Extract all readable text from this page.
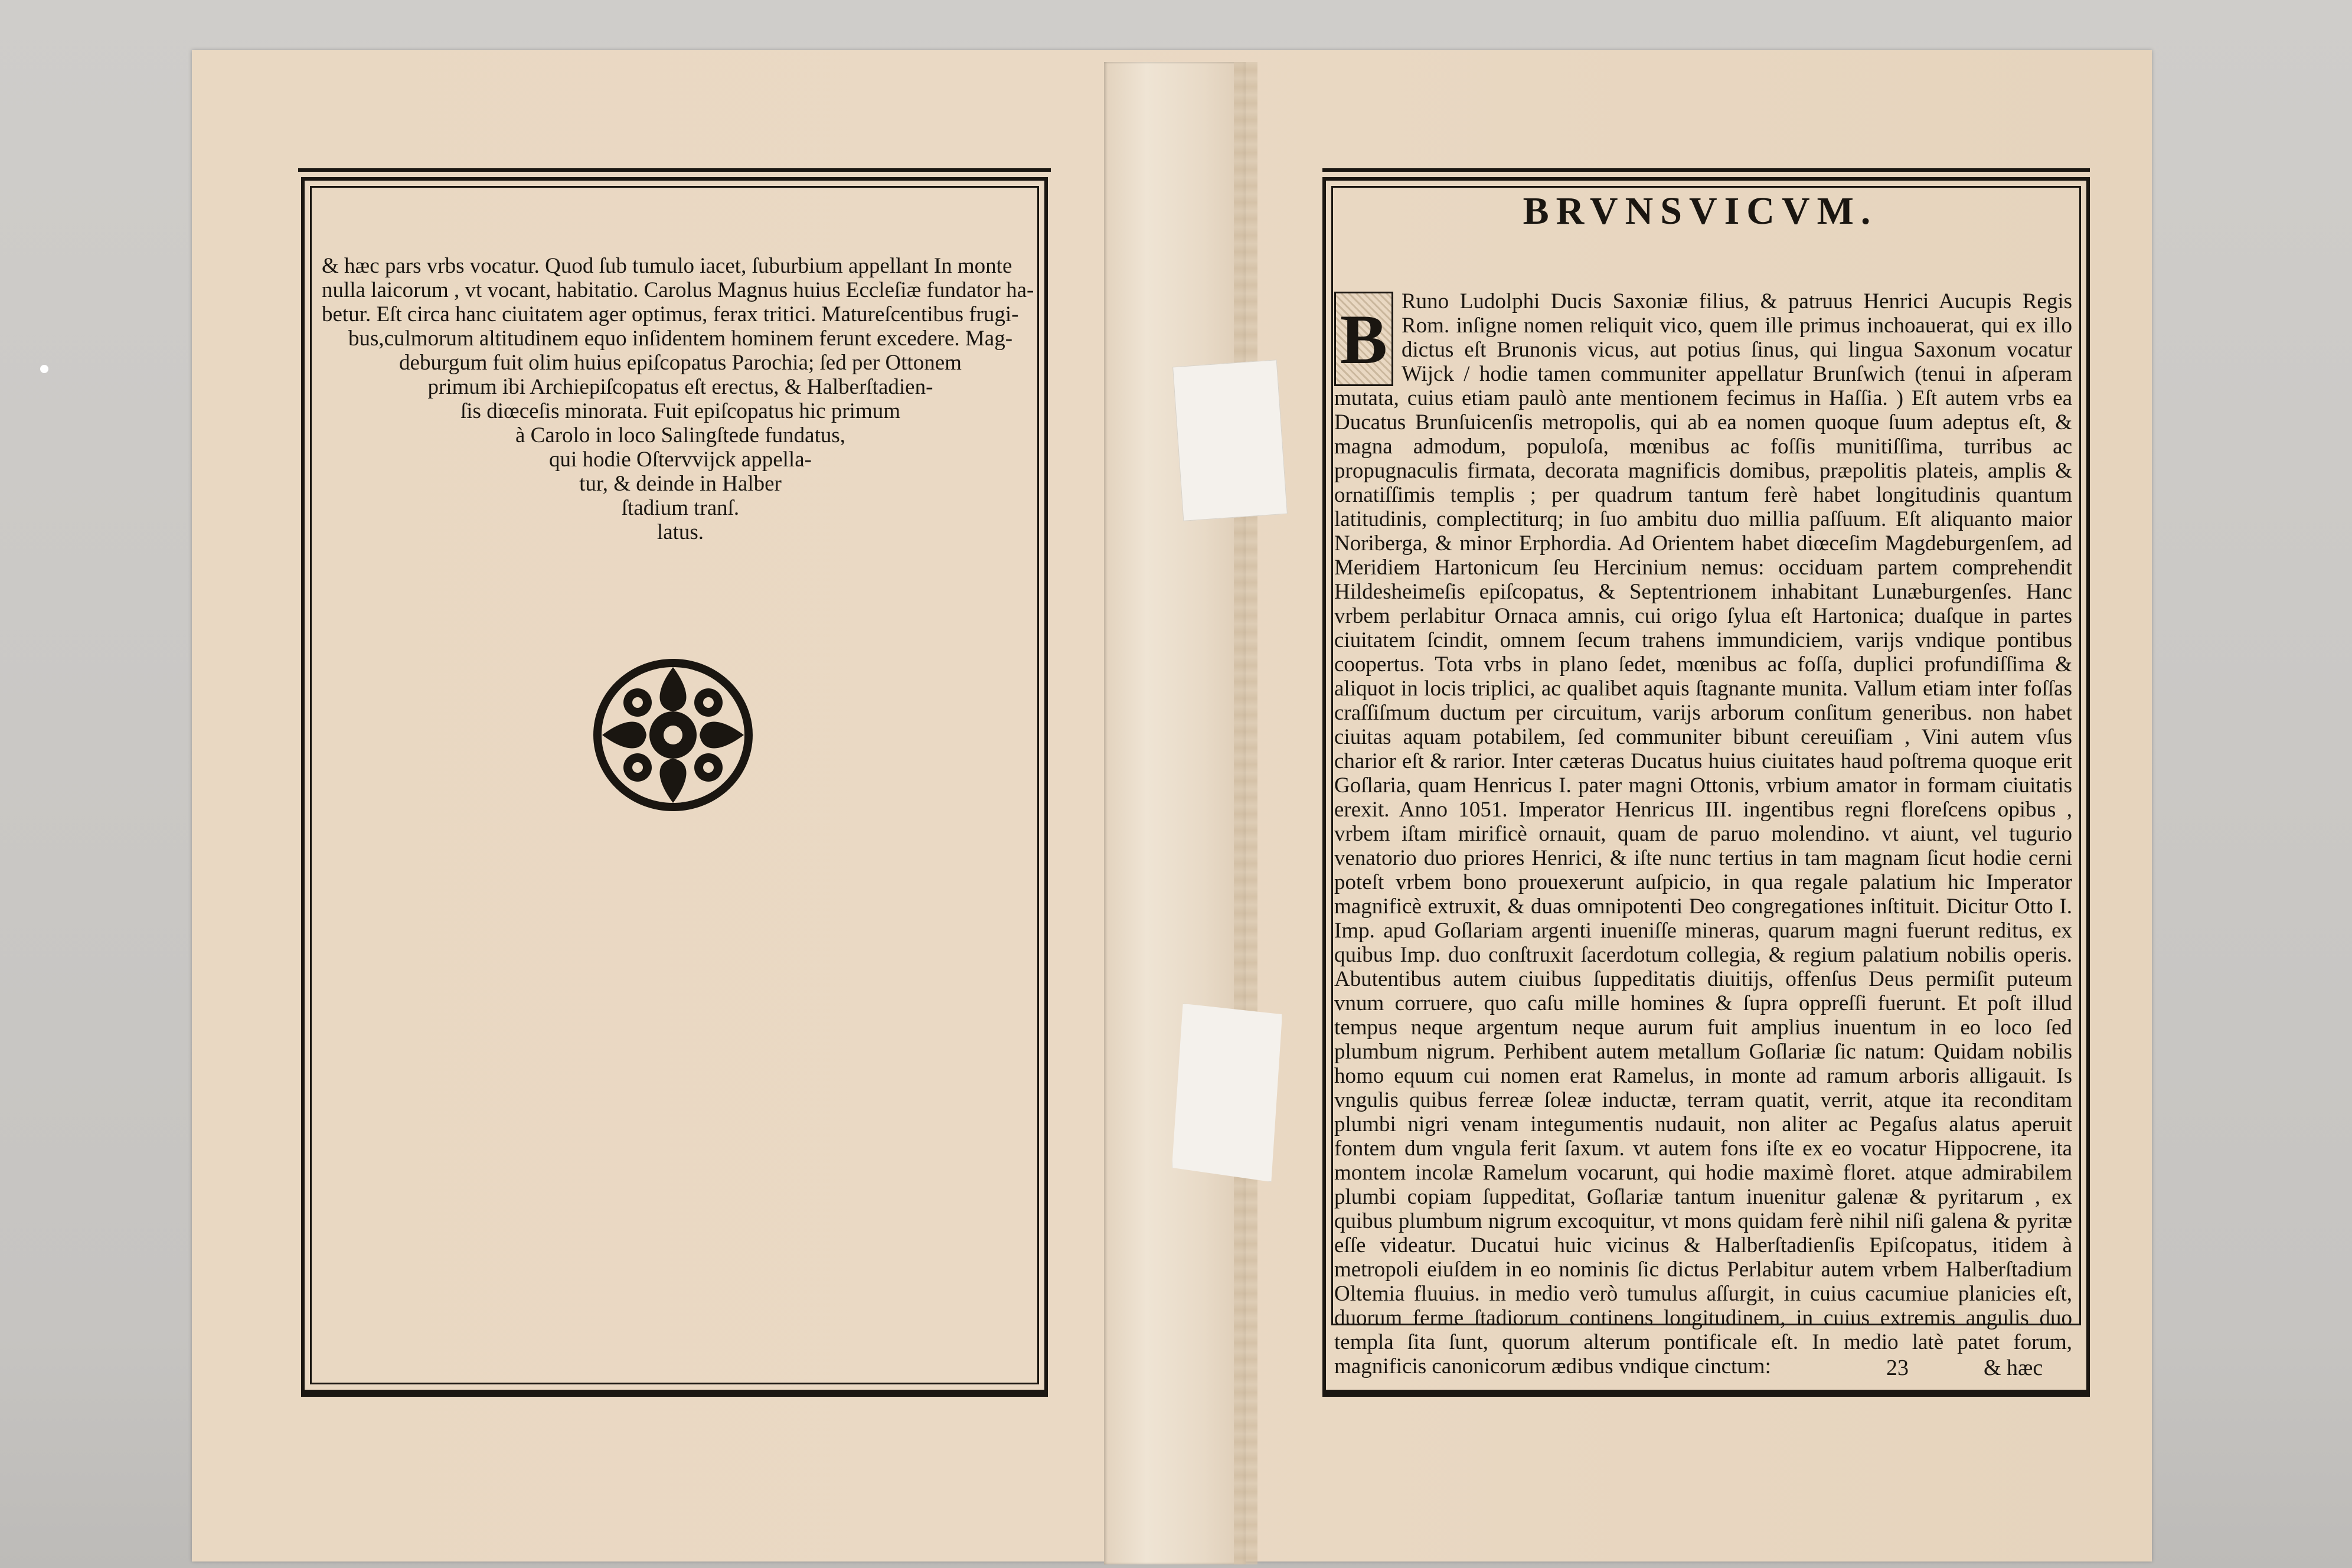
& hæc pars vrbs vocatur. Quod ſub tumulo iacet, ſuburbium appellant In monte
nulla laicorum , vt vocant, habitatio. Carolus Magnus huius Eccleſiæ fundator ha-
betur. Eſt circa hanc ciuitatem ager optimus, ferax tritici. Matureſcentibus frugi-
bus,culmorum altitudinem equo inſidentem hominem ferunt excedere. Mag-
deburgum fuit olim huius epiſcopatus Parochia; ſed per Ottonem
primum ibi Archiepiſcopatus eſt erectus, & Halberſtadien-
ſis diœceſis minorata. Fuit epiſcopatus hic primum
à Carolo in loco Salingſtede fundatus,
qui hodie Oſtervvijck appella-
tur, & deinde in Halber
ſtadium tranſ.
latus.
BRVNSVICVM.
B Runo Ludolphi Ducis Saxoniæ filius, & patruus Henrici Aucupis Regis Rom. inſigne nomen reliquit vico, quem ille primus inchoauerat, qui ex illo dictus eſt Brunonis vicus, aut potius ſinus, qui lingua Saxonum vocatur Wijck / hodie tamen communiter appellatur Brunſwich (tenui in aſperam mutata, cuius etiam paulò ante mentionem fecimus in Haſſia. ) Eſt autem vrbs ea Ducatus Brunſuicenſis metropolis, qui ab ea nomen quoque ſuum adeptus eſt, & magna admodum, populoſa, mœnibus ac foſſis munitiſſima, turribus ac propugnaculis firmata, decorata magnificis domibus, præpolitis plateis, amplis & ornatiſſimis templis ; per quadrum tantum ferè habet longitudinis quantum latitudinis, complectiturq; in ſuo ambitu duo millia paſſuum. Eſt aliquanto maior Noriberga, & minor Erphordia. Ad Orientem habet diœceſim Magdeburgenſem, ad Meridiem Hartonicum ſeu Hercinium nemus: occiduam partem comprehendit Hildesheimeſis epiſcopatus, & Septentrionem inhabitant Lunæburgenſes. Hanc vrbem perlabitur Ornaca amnis, cui origo ſylua eſt Hartonica; duaſque in partes ciuitatem ſcindit, omnem ſecum trahens immundiciem, varijs vndique pontibus coopertus. Tota vrbs in plano ſedet, mœnibus ac foſſa, duplici profundiſſima & aliquot in locis triplici, ac qualibet aquis ſtagnante munita. Vallum etiam inter foſſas craſſiſmum ductum per circuitum, varijs arborum conſitum generibus. non habet ciuitas aquam potabilem, ſed communiter bibunt cereuiſiam , Vini autem vſus charior eſt & rarior. Inter cæteras Ducatus huius ciuitates haud poſtrema quoque erit Goſlaria, quam Henricus I. pater magni Ottonis, vrbium amator in formam ciuitatis erexit. Anno 1051. Imperator Henricus III. ingentibus regni floreſcens opibus , vrbem iſtam mirificè ornauit, quam de paruo molendino. vt aiunt, vel tugurio venatorio duo priores Henrici, & iſte nunc tertius in tam magnam ſicut hodie cerni poteſt vrbem bono prouexerunt auſpicio, in qua regale palatium hic Imperator magnificè extruxit, & duas omnipotenti Deo congregationes inſtituit. Dicitur Otto I. Imp. apud Goſlariam argenti inueniſſe mineras, quarum magni fuerunt reditus, ex quibus Imp. duo conſtruxit ſacerdotum collegia, & regium palatium nobilis operis. Abutentibus autem ciuibus ſuppeditatis diuitijs, offenſus Deus permiſit puteum vnum corruere, quo caſu mille homines & ſupra oppreſſi fuerunt. Et poſt illud tempus neque argentum neque aurum fuit amplius inuentum in eo loco ſed plumbum nigrum. Perhibent autem metallum Goſlariæ ſic natum: Quidam nobilis homo equum cui nomen erat Ramelus, in monte ad ramum arboris alligauit. Is vngulis quibus ferreæ ſoleæ inductæ, terram quatit, verrit, atque ita reconditam plumbi nigri venam integumentis nudauit, non aliter ac Pegaſus alatus aperuit fontem dum vngula ferit ſaxum. vt autem fons iſte ex eo vocatur Hippocrene, ita montem incolæ Ramelum vocarunt, qui hodie maximè floret. atque admirabilem plumbi copiam ſuppeditat, Goſlariæ tantum inuenitur galenæ & pyritarum , ex quibus plumbum nigrum excoquitur, vt mons quidam ferè nihil niſi galena & pyritæ eſſe videatur. Ducatui huic vicinus & Halberſtadienſis Epiſcopatus, itidem à metropoli eiuſdem in eo nominis ſic dictus Perlabitur autem vrbem Halberſtadium Oltemia fluuius. in medio verò tumulus aſſurgit, in cuius cacumiue planicies eſt, duorum ferme ſtadiorum continens longitudinem, in cuius extremis angulis duo templa ſita ſunt, quorum alterum pontificale eſt. In medio latè patet forum, magnificis canonicorum ædibus vndique cinctum:	23	& hæc
